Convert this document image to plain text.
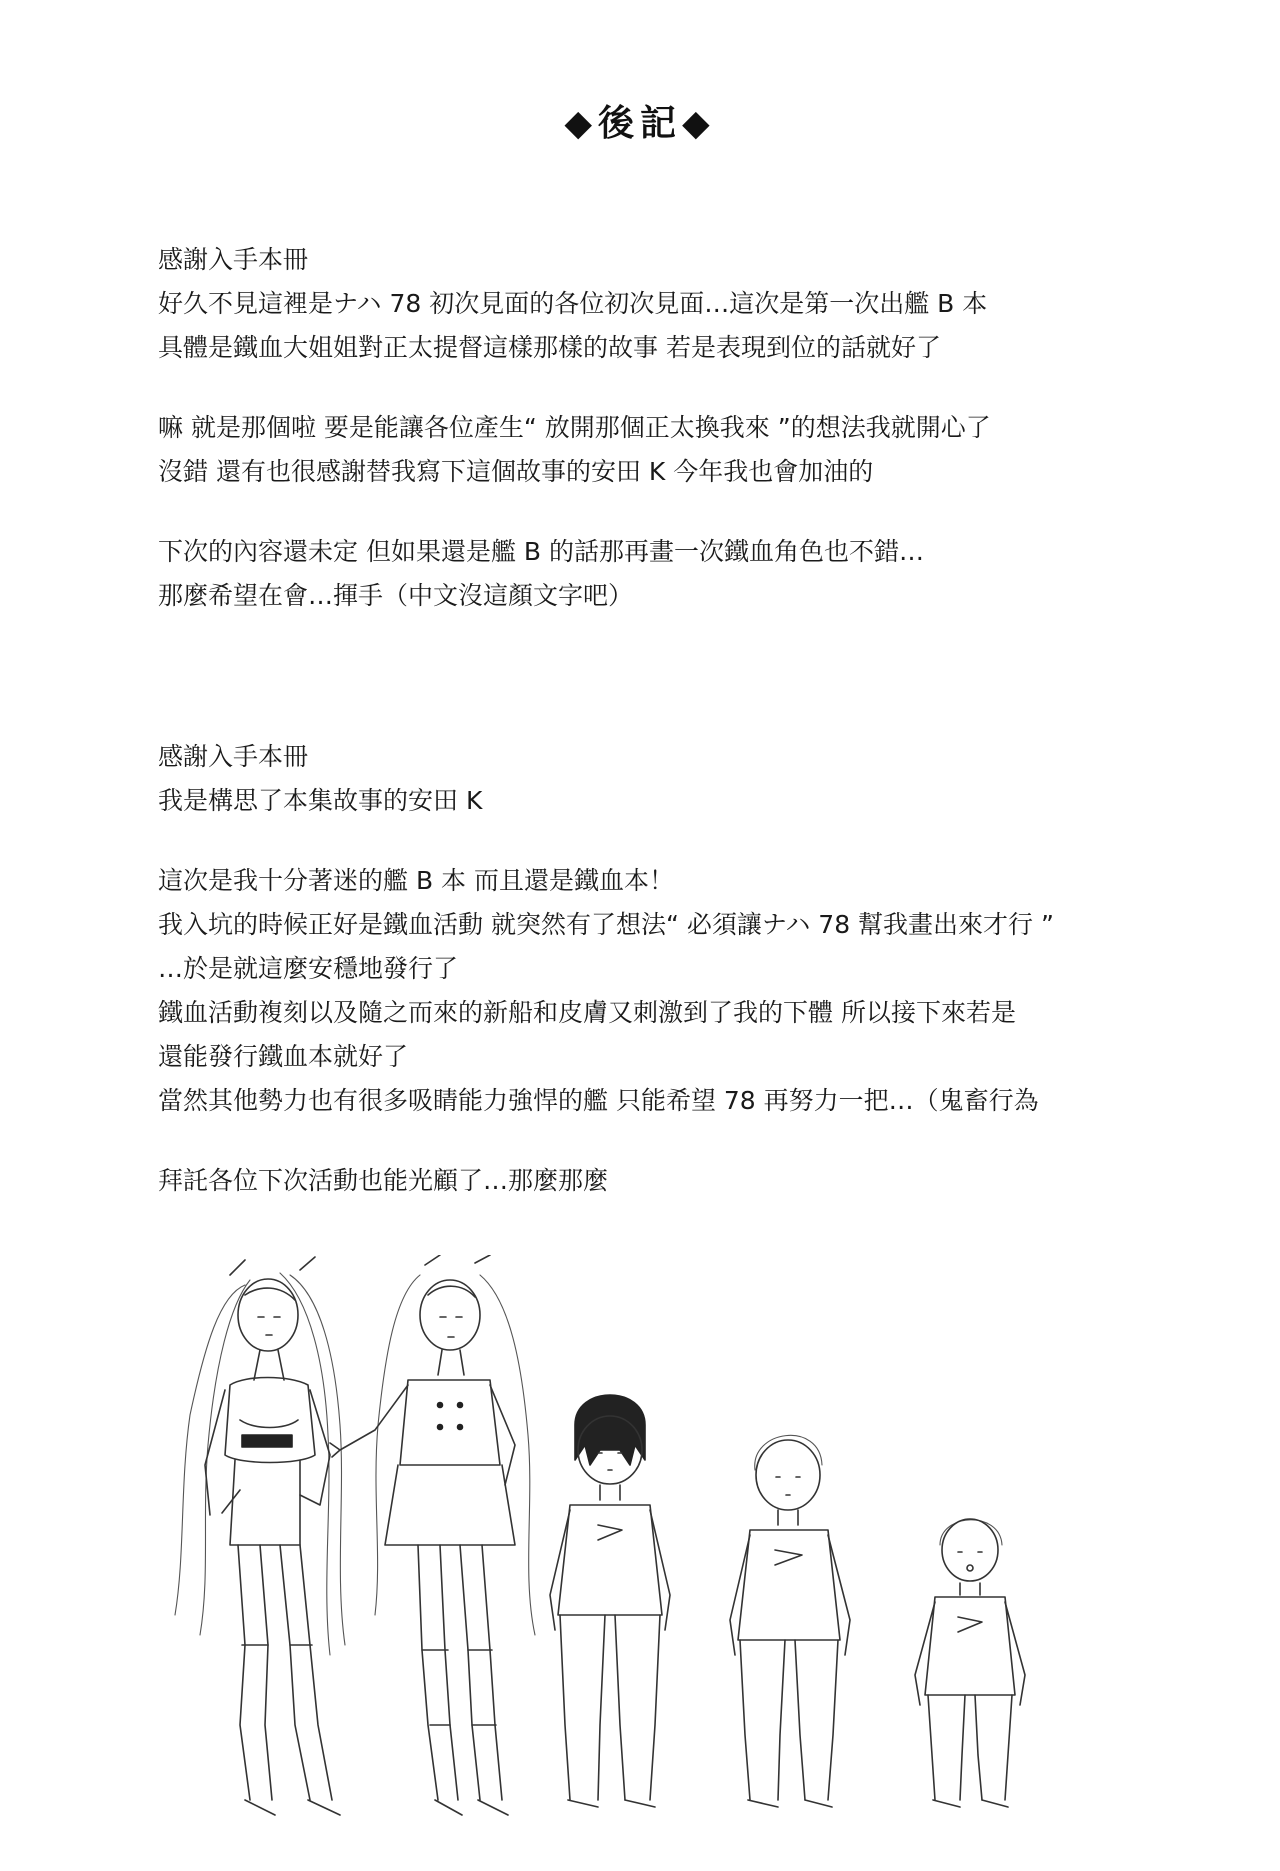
◆後記◆
感謝入手本冊
好久不見這裡是ナハ 78 初次見面的各位初次見面…這次是第一次出艦 B 本
具體是鐵血大姐姐對正太提督這樣那樣的故事 若是表現到位的話就好了
嘛 就是那個啦 要是能讓各位產生“ 放開那個正太換我來 ”的想法我就開心了
沒錯 還有也很感謝替我寫下這個故事的安田 K 今年我也會加油的
下次的內容還未定 但如果還是艦 B 的話那再畫一次鐵血角色也不錯…
那麼希望在會…揮手（中文沒這顏文字吧）
感謝入手本冊
我是構思了本集故事的安田 K
這次是我十分著迷的艦 B 本 而且還是鐵血本！
我入坑的時候正好是鐵血活動 就突然有了想法“ 必須讓ナハ 78 幫我畫出來才行 ”
…於是就這麼安穩地發行了
鐵血活動複刻以及隨之而來的新船和皮膚又刺激到了我的下體 所以接下來若是
還能發行鐵血本就好了
當然其他勢力也有很多吸睛能力強悍的艦 只能希望 78 再努力一把…（鬼畜行為
拜託各位下次活動也能光顧了…那麼那麼
